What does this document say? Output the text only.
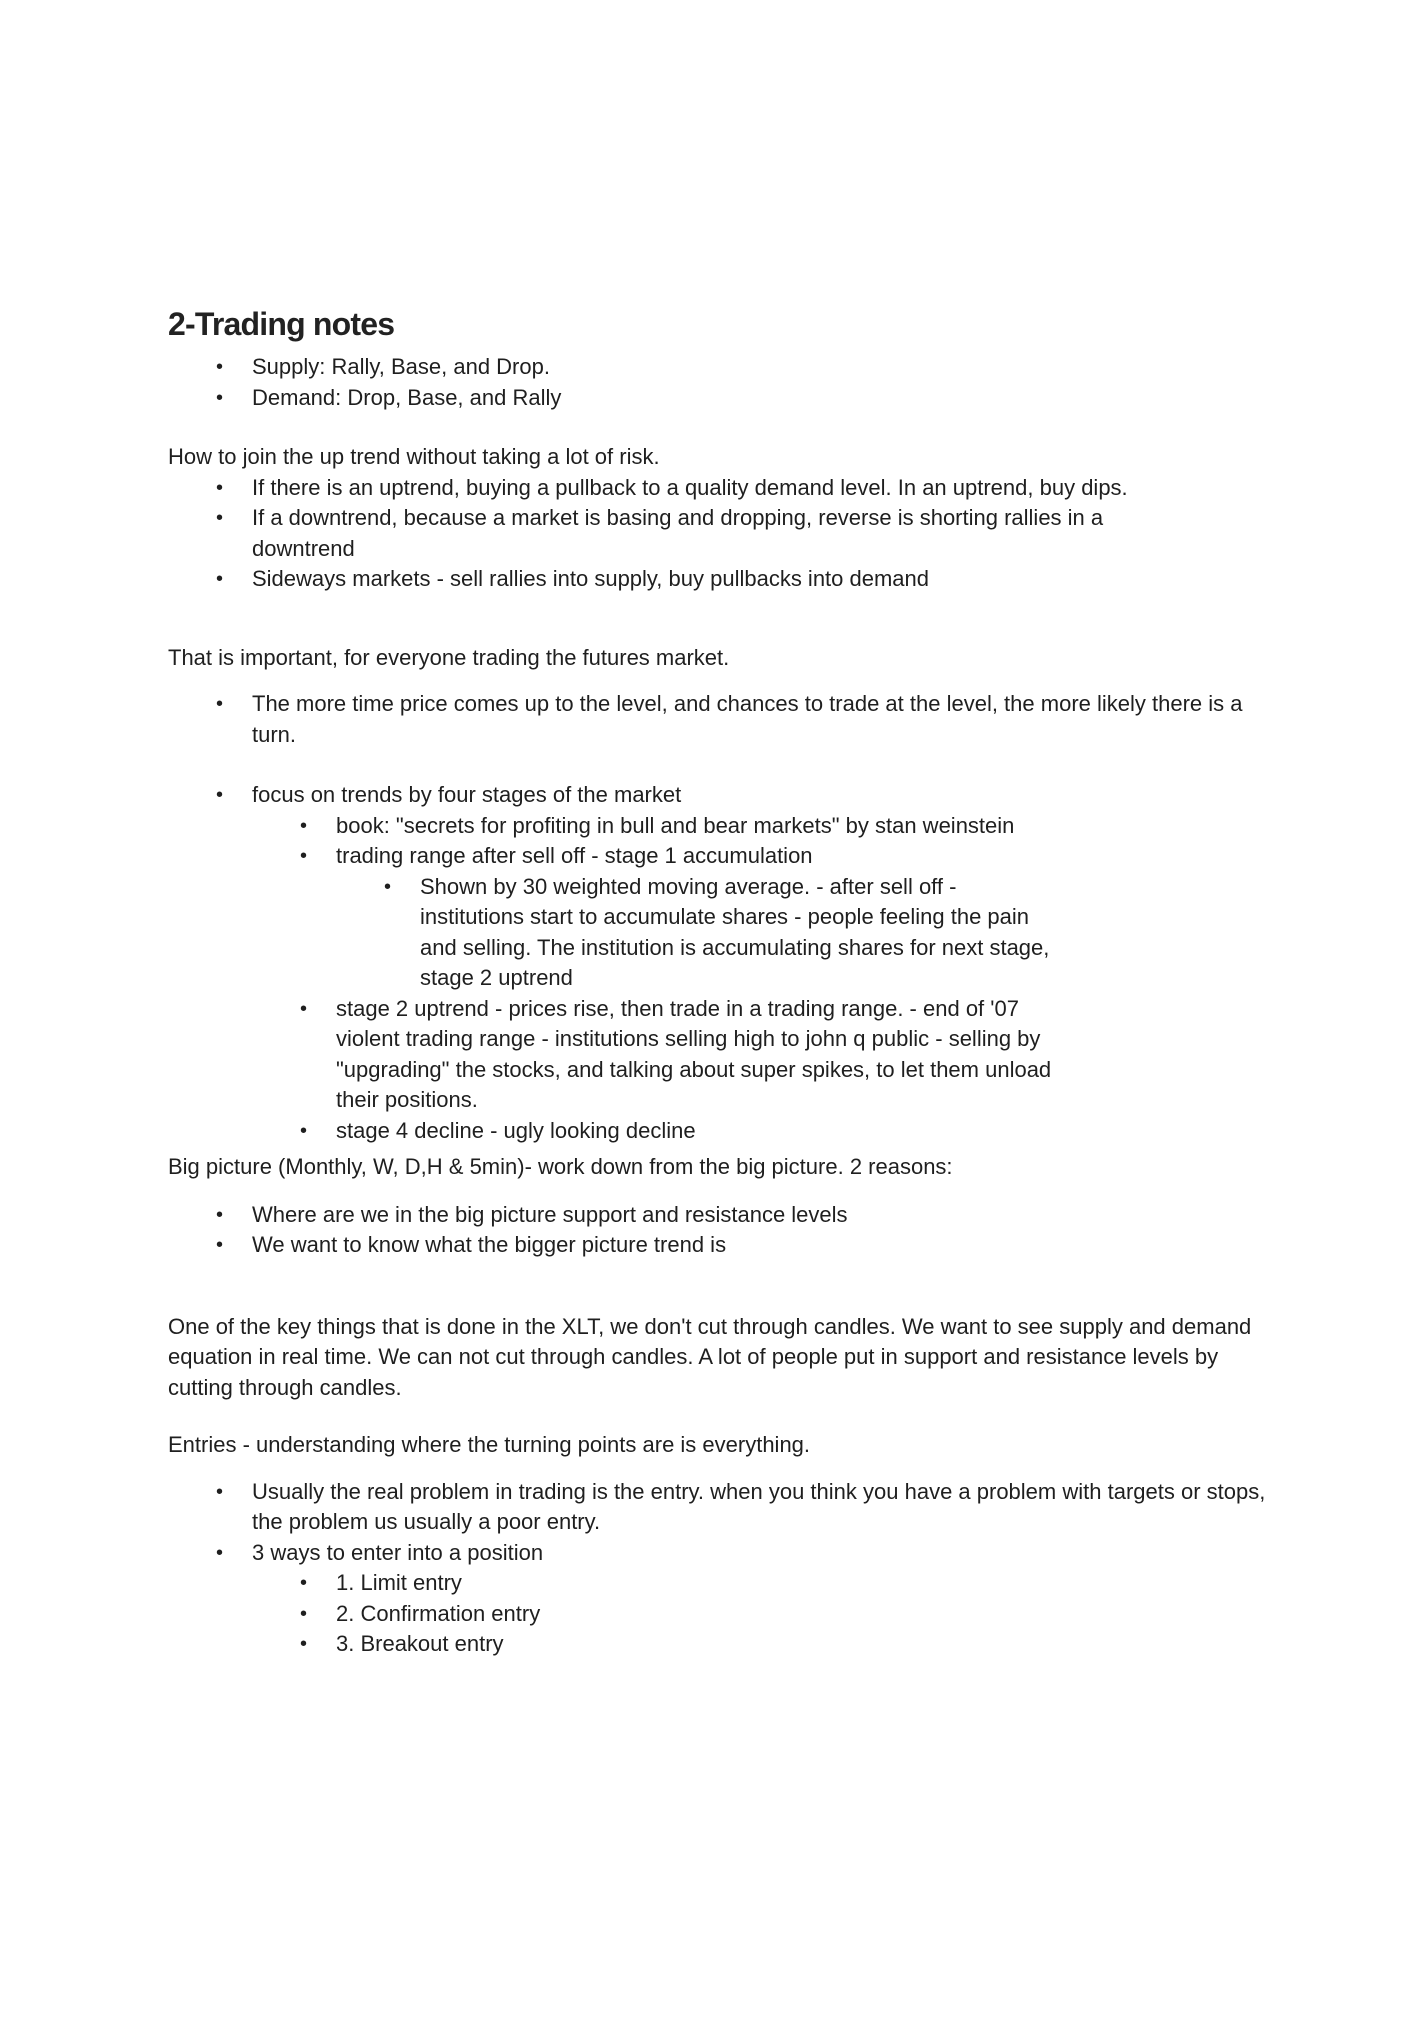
2-Trading notes
• Supply: Rally, Base, and Drop.
• Demand: Drop, Base, and Rally
How to join the up trend without taking a lot of risk.
• If there is an uptrend, buying a pullback to a quality demand level. In an uptrend, buy dips.
• If a downtrend, because a market is basing and dropping, reverse is shorting rallies in a downtrend
• Sideways markets - sell rallies into supply, buy pullbacks into demand
That is important, for everyone trading the futures market.
• The more time price comes up to the level, and chances to trade at the level, the more likely there is a turn.
• focus on trends by four stages of the market
•	book: "secrets for profiting in bull and bear markets" by stan weinstein
• trading range after sell off - stage 1 accumulation
• Shown by 30 weighted moving average. - after sell off - institutions start to accumulate shares - people feeling the pain and selling. The institution is accumulating shares for next stage, stage 2 uptrend
• stage 2 uptrend - prices rise, then trade in a trading range. - end of '07 violent trading range - institutions selling high to john q public - selling by "upgrading" the stocks, and talking about super spikes, to let them unload their positions.
• stage 4 decline - ugly looking decline
Big picture (Monthly, W, D,H & 5min)- work down from the big picture. 2 reasons:
• Where are we in the big picture support and resistance levels
• We want to know what the bigger picture trend is
One of the key things that is done in the XLT, we don't cut through candles. We want to see supply and demand equation in real time. We can not cut through candles. A lot of people put in support and resistance levels by cutting through candles.
Entries - understanding where the turning points are is everything.
• Usually the real problem in trading is the entry. when you think you have a problem with targets or stops, the problem us usually a poor entry.
• 3 ways to enter into a position
• 1. Limit entry
• 2. Confirmation entry
• 3. Breakout entry
